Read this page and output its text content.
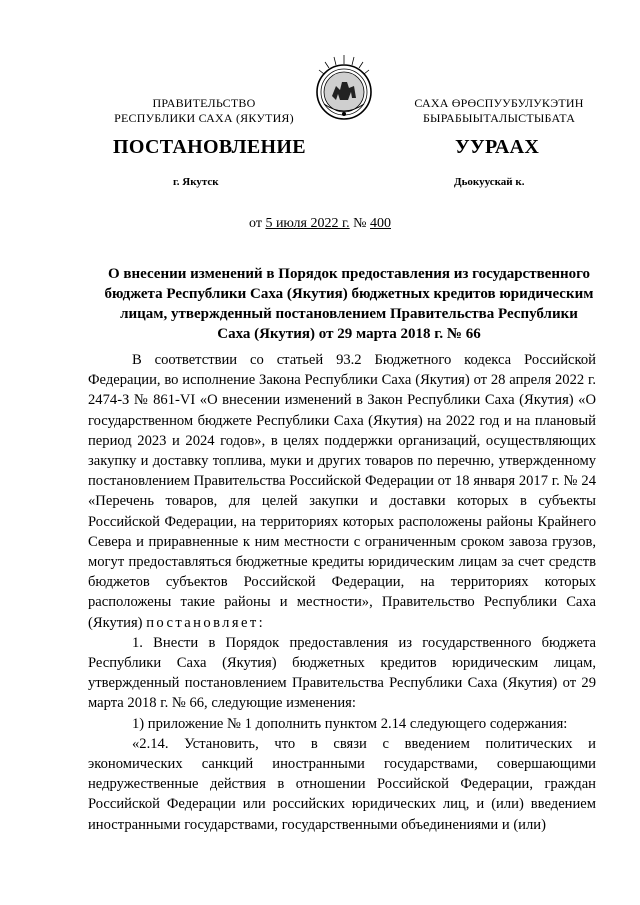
ПРАВИТЕЛЬСТВО
РЕСПУБЛИКИ САХА (ЯКУТИЯ)
САХА ӨРӨСПУУБУЛУКЭТИН
БЫРАБЫЫТАЛЫСТЫБАТА
ПОСТАНОВЛЕНИЕ	УУРААХ
г. Якутск	Дьокуускай к.
от 5 июля 2022 г. № 400
О внесении изменений в Порядок предоставления из государственного бюджета Республики Саха (Якутия) бюджетных кредитов юридическим лицам, утвержденный постановлением Правительства Республики Саха (Якутия) от 29 марта 2018 г. № 66

В соответствии со статьей 93.2 Бюджетного кодекса Российской Федерации, во исполнение Закона Республики Саха (Якутия) от 28 апреля 2022 г. 2474-З № 861-VI «О внесении изменений в Закон Республики Саха (Якутия) «О государственном бюджете Республики Саха (Якутия) на 2022 год и на плановый период 2023 и 2024 годов», в целях поддержки организаций, осуществляющих закупку и доставку топлива, муки и других товаров по перечню, утвержденному постановлением Правительства Российской Федерации от 18 января 2017 г. № 24 «Перечень товаров, для целей закупки и доставки которых в субъекты Российской Федерации, на территориях которых расположены районы Крайнего Севера и приравненные к ним местности с ограниченным сроком завоза грузов, могут предоставляться бюджетные кредиты юридическим лицам за счет средств бюджетов субъектов Российской Федерации, на территориях которых расположены такие районы и местности», Правительство Республики Саха (Якутия) постановляет:

1. Внести в Порядок предоставления из государственного бюджета Республики Саха (Якутия) бюджетных кредитов юридическим лицам, утвержденный постановлением Правительства Республики Саха (Якутия) от 29 марта 2018 г. № 66, следующие изменения:

1) приложение № 1 дополнить пунктом 2.14 следующего содержания:

«2.14. Установить, что в связи с введением политических и экономических санкций иностранными государствами, совершающими недружественные действия в отношении Российской Федерации, граждан Российской Федерации или российских юридических лиц, и (или) введением иностранными государствами, государственными объединениями и (или)
